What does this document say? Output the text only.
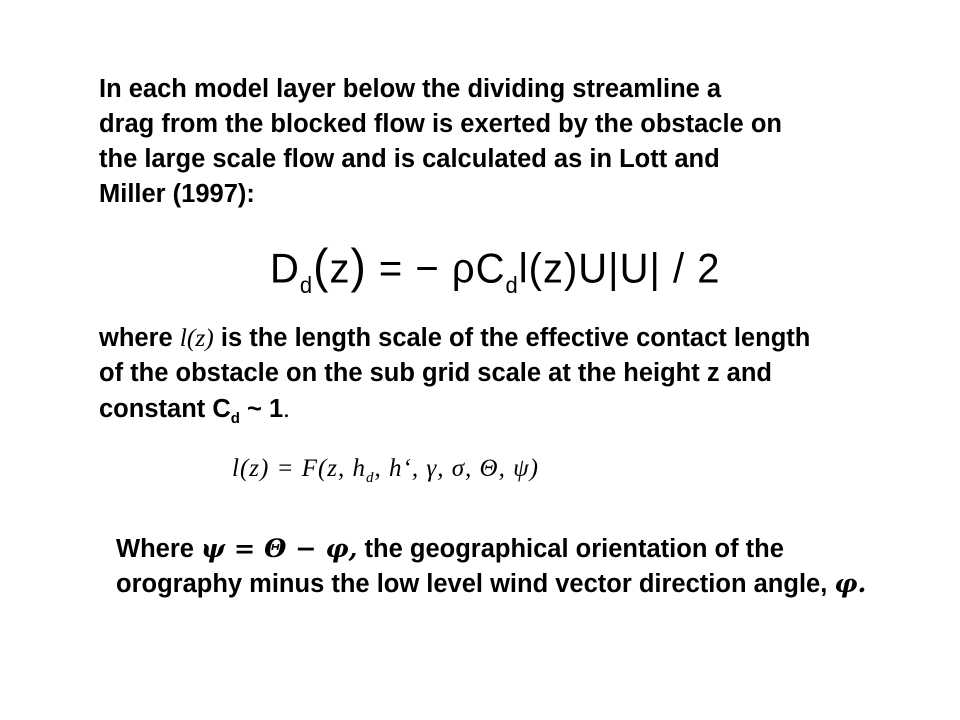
In each model layer below the dividing streamline a
drag from the blocked flow is exerted by the obstacle on
the large scale flow and is calculated as in Lott and
Miller (1997):
$D_d(z)$ = − $\rho C_dl(z)U|U| / 2$
where l(z) is the length scale of the effective contact length
of the obstacle on the sub grid scale at the height z and
constant $C_d$ ~ 1.
l(z) = F(z, $h_d$, h‘, γ, σ, Θ, ψ)
Where ψ = Θ − φ, the geographical orientation of the
orography minus the low level wind vector direction angle, φ.
